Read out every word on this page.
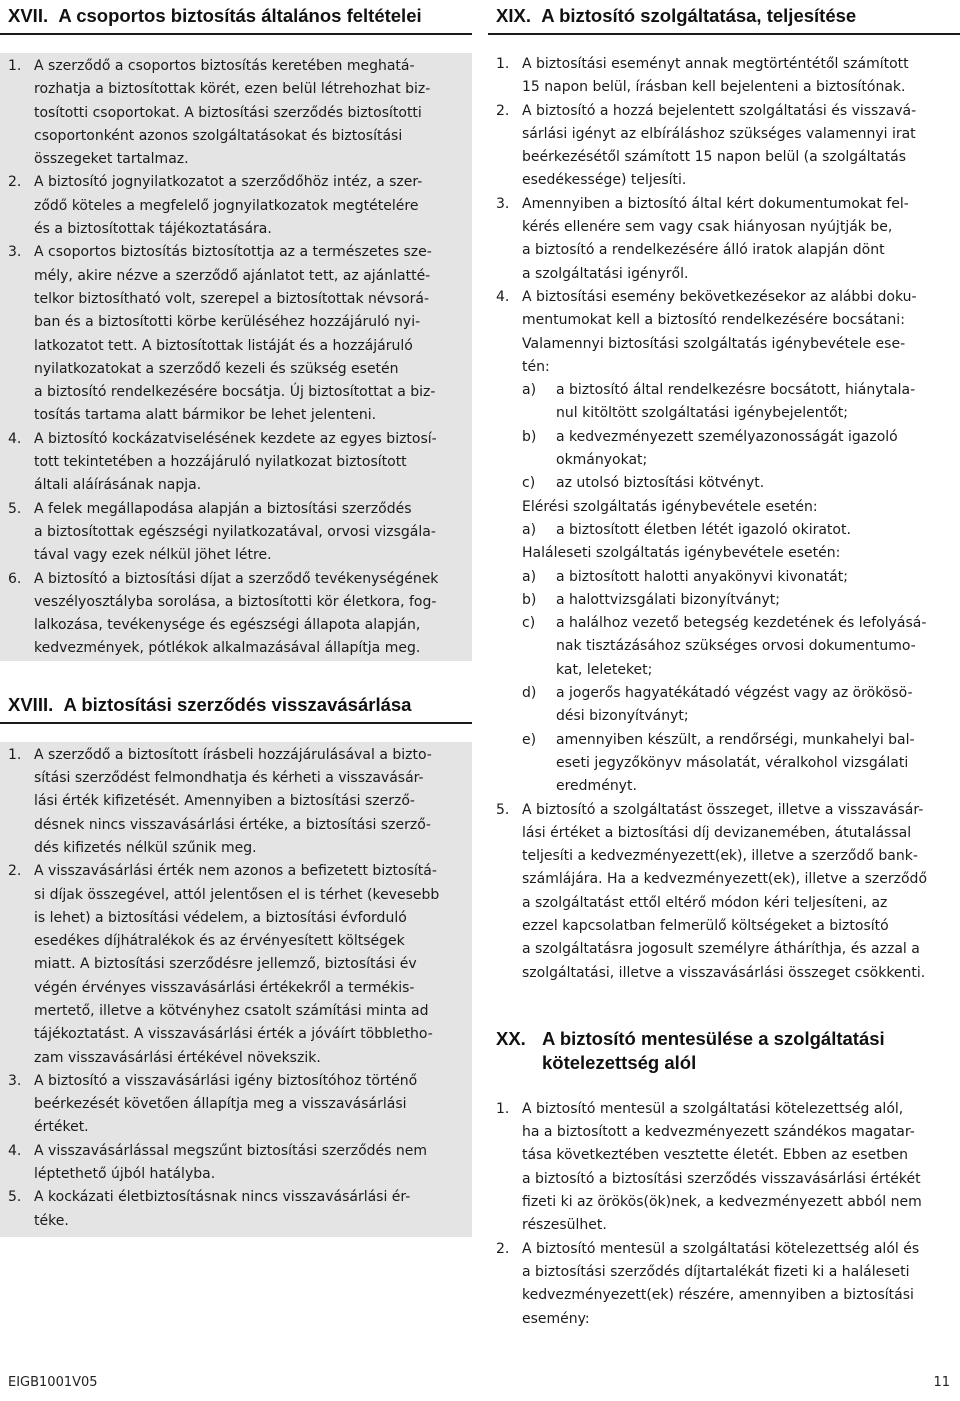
XVII. A csoportos biztosítás általános feltételei
1. A szerződő a csoportos biztosítás keretében meghatá-
rozhatja a biztosítottak körét, ezen belül létrehozhat biz-
tosítotti csoportokat. A biztosítási szerződés biztosítotti
csoportonként azonos szolgáltatásokat és biztosítási
összegeket tartalmaz.
2. A biztosító jognyilatkozatot a szerződőhöz intéz, a szer-
ződő köteles a megfelelő jognyilatkozatok megtételére
és a biztosítottak tájékoztatására.
3. A csoportos biztosítás biztosítottja az a természetes sze-
mély, akire nézve a szerződő ajánlatot tett, az ajánlatté-
telkor biztosítható volt, szerepel a biztosítottak névsorá-
ban és a biztosítotti körbe kerüléséhez hozzájáruló nyi-
latkozatot tett. A biztosítottak listáját és a hozzájáruló
nyilatkozatokat a szerződő kezeli és szükség esetén
a biztosító rendelkezésére bocsátja. Új biztosítottat a biz-
tosítás tartama alatt bármikor be lehet jelenteni.
4. A biztosító kockázatviselésének kezdete az egyes biztosí-
tott tekintetében a hozzájáruló nyilatkozat biztosított
általi aláírásának napja.
5. A felek megállapodása alapján a biztosítási szerződés
a biztosítottak egészségi nyilatkozatával, orvosi vizsgála-
tával vagy ezek nélkül jöhet létre.
6. A biztosító a biztosítási díjat a szerződő tevékenységének
veszélyosztályba sorolása, a biztosítotti kör életkora, fog-
lalkozása, tevékenysége és egészségi állapota alapján,
kedvezmények, pótlékok alkalmazásával állapítja meg.
XVIII. A biztosítási szerződés visszavásárlása
1. A szerződő a biztosított írásbeli hozzájárulásával a bizto-
sítási szerződést felmondhatja és kérheti a visszavásár-
lási érték kifizetését. Amennyiben a biztosítási szerző-
désnek nincs visszavásárlási értéke, a biztosítási szerző-
dés kifizetés nélkül szűnik meg.
2. A visszavásárlási érték nem azonos a befizetett biztosítá-
si díjak összegével, attól jelentősen el is térhet (kevesebb
is lehet) a biztosítási védelem, a biztosítási évforduló
esedékes díjhátralékok és az érvényesített költségek
miatt. A biztosítási szerződésre jellemző, biztosítási év
végén érvényes visszavásárlási értékekről a termékis-
mertető, illetve a kötvényhez csatolt számítási minta ad
tájékoztatást. A visszavásárlási érték a jóváírt többletho-
zam visszavásárlási értékével növekszik.
3. A biztosító a visszavásárlási igény biztosítóhoz történő
beérkezését követően állapítja meg a visszavásárlási
értéket.
4. A visszavásárlással megszűnt biztosítási szerződés nem
léptethető újból hatályba.
5. A kockázati életbiztosításnak nincs visszavásárlási ér-
téke.
XIX. A biztosító szolgáltatása, teljesítése
1. A biztosítási eseményt annak megtörténtétől számított
15 napon belül, írásban kell bejelenteni a biztosítónak.
2. A biztosító a hozzá bejelentett szolgáltatási és visszavá-
sárlási igényt az elbíráláshoz szükséges valamennyi irat
beérkezésétől számított 15 napon belül (a szolgáltatás
esedékessége) teljesíti.
3. Amennyiben a biztosító által kért dokumentumokat fel-
kérés ellenére sem vagy csak hiányosan nyújtják be,
a biztosító a rendelkezésére álló iratok alapján dönt
a szolgáltatási igényről.
4. A biztosítási esemény bekövetkezésekor az alábbi doku-
mentumokat kell a biztosító rendelkezésére bocsátani:
Valamennyi biztosítási szolgáltatás igénybevétele ese-
tén:
a)	a biztosító által rendelkezésre bocsátott, hiánytala-
nul kitöltött szolgáltatási igénybejelentőt;
b)	a kedvezményezett személyazonosságát igazoló
okmányokat;
c)	az utolsó biztosítási kötvényt.
Elérési szolgáltatás igénybevétele esetén:
a)	a biztosított életben létét igazoló okiratot.
Haláleseti szolgáltatás igénybevétele esetén:
a)	a biztosított halotti anyakönyvi kivonatát;
b)	a halottvizsgálati bizonyítványt;
c)	a halálhoz vezető betegség kezdetének és lefolyásá-
nak tisztázásához szükséges orvosi dokumentumo-
kat, leleteket;
d)	a jogerős hagyatékátadó végzést vagy az örökösö-
dési bizonyítványt;
e)	amennyiben készült, a rendőrségi, munkahelyi bal-
eseti jegyzőkönyv másolatát, véralkohol vizsgálati
eredményt.
5. A biztosító a szolgáltatást összeget, illetve a visszavásár-
lási értéket a biztosítási díj devizanemében, átutalással
teljesíti a kedvezményezett(ek), illetve a szerződő bank-
számlájára. Ha a kedvezményezett(ek), illetve a szerződő
a szolgáltatást ettől eltérő módon kéri teljesíteni, az
ezzel kapcsolatban felmerülő költségeket a biztosító
a szolgáltatásra jogosult személyre átháríthja, és azzal a
szolgáltatási, illetve a visszavásárlási összeget csökkenti.
XX. A biztosító mentesülése a szolgáltatási
kötelezettség alól
1. A biztosító mentesül a szolgáltatási kötelezettség alól,
ha a biztosított a kedvezményezett szándékos magatar-
tása következtében vesztette életét. Ebben az esetben
a biztosító a biztosítási szerződés visszavásárlási értékét
fizeti ki az örökös(ök)nek, a kedvezményezett abból nem
részesülhet.
2. A biztosító mentesül a szolgáltatási kötelezettség alól és
a biztosítási szerződés díjtartalékát fizeti ki a haláleseti
kedvezményezett(ek) részére, amennyiben a biztosítási
esemény:
EIGB1001V05	11
